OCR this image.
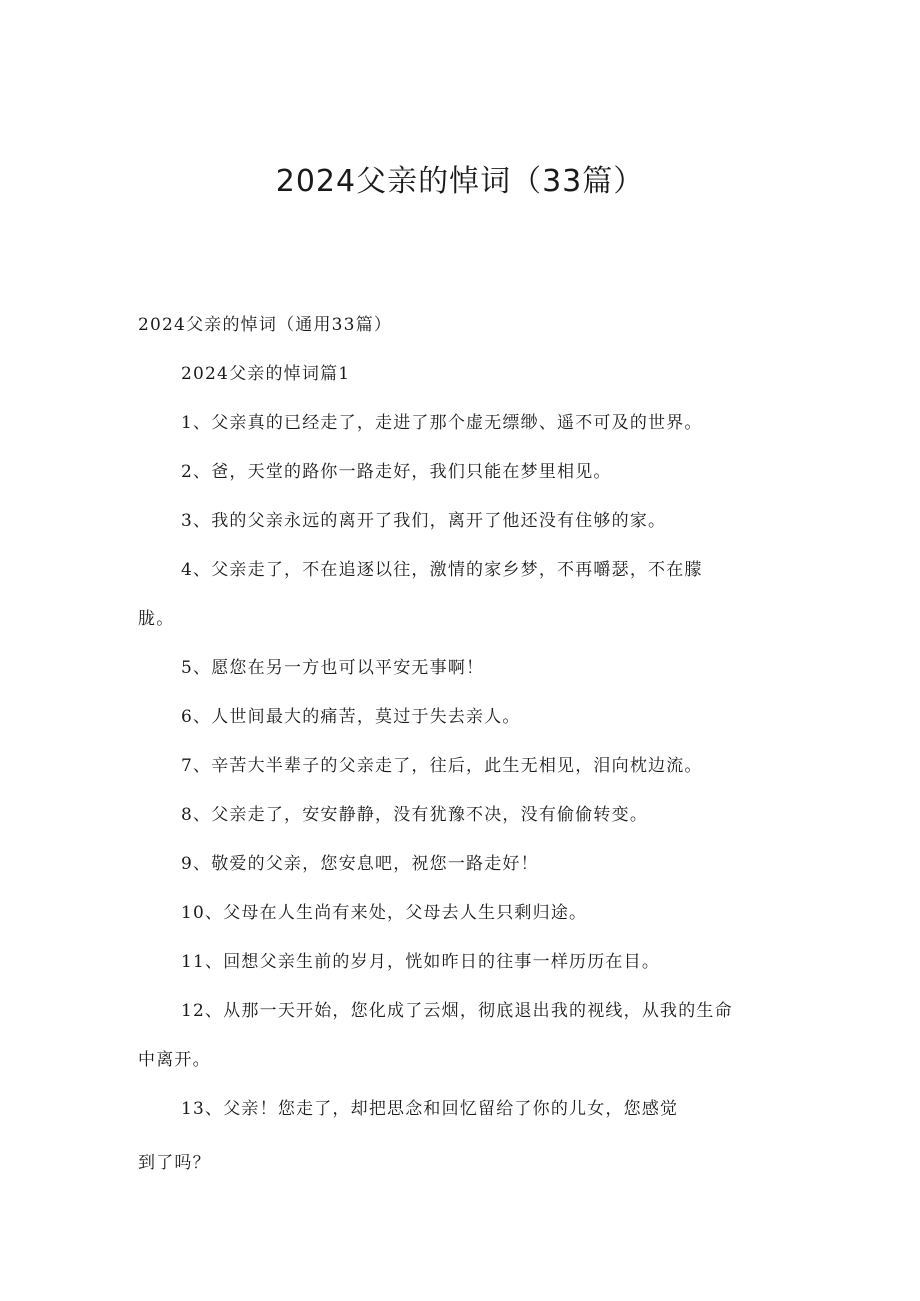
2024父亲的悼词（33篇）
2024父亲的悼词（通用33篇）
2024父亲的悼词篇1
1、父亲真的已经走了，走进了那个虚无缥缈、遥不可及的世界。
2、爸，天堂的路你一路走好，我们只能在梦里相见。
3、我的父亲永远的离开了我们，离开了他还没有住够的家。
4、父亲走了，不在追逐以往，激情的家乡梦，不再嚼瑟，不在朦
胧。
5、愿您在另一方也可以平安无事啊！
6、人世间最大的痛苦，莫过于失去亲人。
7、辛苦大半辈子的父亲走了，往后，此生无相见，泪向枕边流。
8、父亲走了，安安静静，没有犹豫不决，没有偷偷转变。
9、敬爱的父亲，您安息吧，祝您一路走好！
10、父母在人生尚有来处，父母去人生只剩归途。
11、回想父亲生前的岁月，恍如昨日的往事一样历历在目。
12、从那一天开始，您化成了云烟，彻底退出我的视线，从我的生命
中离开。
13、父亲！您走了，却把思念和回忆留给了你的儿女，您感觉
到了吗？
